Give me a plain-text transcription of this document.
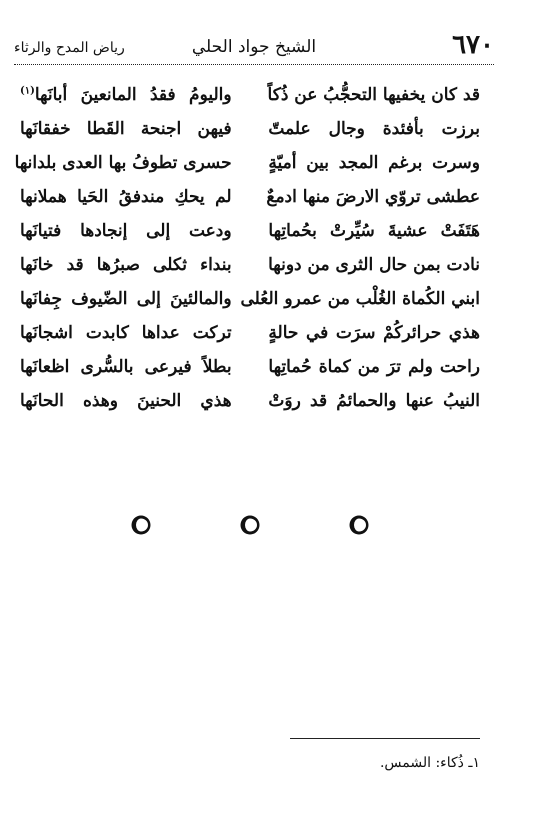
٦٧٠
الشيخ جواد الحلي
رياض المدح والرثاء
قد كان يخفيها التحجُّبُ عن ذُكاً
واليومُ فقدُ المانعينَ أبانَها$^{(١)}$
برزت بأفئدة وجال علمتّ
فيهن اجنحة القَطا خفقانَها
وسرت برغم المجد بين أميّةٍ
حسرى تطوفُ بها العدى بلدانها
عطشى تروّي الارضَ منها ادمعٌ
لم يحكِ مندفقُ الحَيا هملانها
هَتَفَتْ عشيةَ سُيِّرتْ بحُماتِها
ودعت إلى إنجادها فتيانَها
نادت بمن حال الثرى من دونها
بنداء ثكلى صبرُها قد خانَها
ابني الكُماة الغُلْب من عمرو العُلى
والمالئينَ إلى الضّيوف جِفانَها
هذي حرائركُمْ سرَت في حالةٍ
تركت عداها كابدت اشجانَها
راحت ولم ترَ من كماة حُماتِها
بطلاً فيرعى بالسُّرى اظعانَها
النيبُ عنها والحمائمُ قد روَتْ
هذي الحنينَ وهذه الحانَها
١ـ ذُكاء: الشمس.
